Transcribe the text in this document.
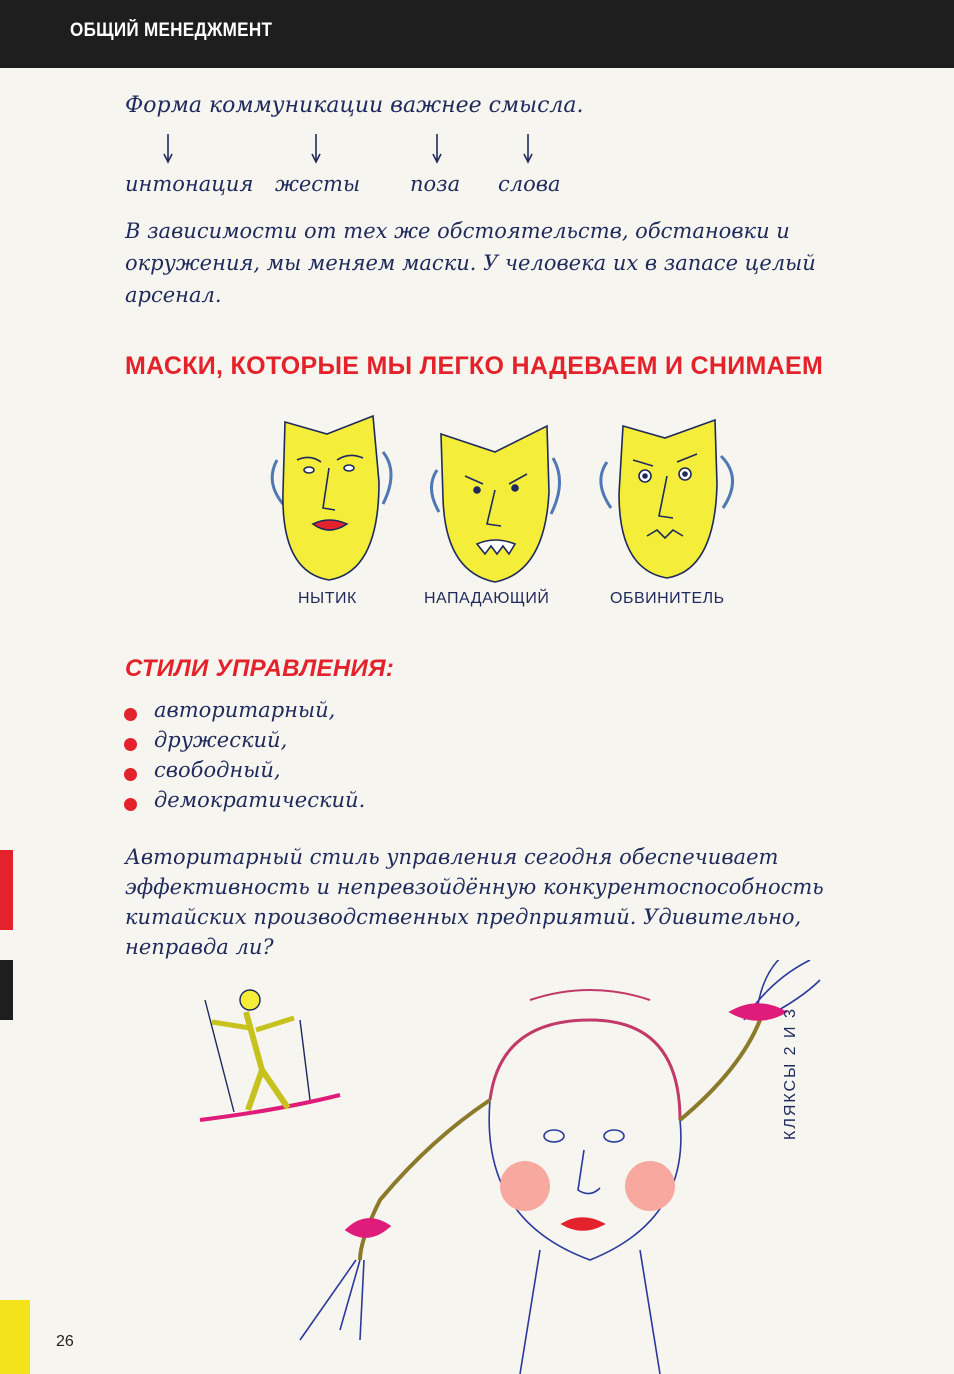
ОБЩИЙ МЕНЕДЖМЕНТ
Форма коммуникации важнее смысла.
интонация жесты поза слова
В зависимости от тех же обстоятельств, обстановки и окружения, мы меняем маски. У человека их в запасе целый арсенал.
МАСКИ, КОТОРЫЕ МЫ ЛЕГКО НАДЕВАЕМ И СНИМАЕМ
НЫТИК	НАПАДАЮЩИЙ	ОБВИНИТЕЛЬ
СТИЛИ УПРАВЛЕНИЯ:
авторитарный,
дружеский,
свободный,
демократический.
Авторитарный стиль управления сегодня обеспечивает эффективность и непревзойдённую конкурентоспособность китайских производственных предприятий. Удивительно, неправда ли?
КЛЯКСЫ 2 И 3
26
